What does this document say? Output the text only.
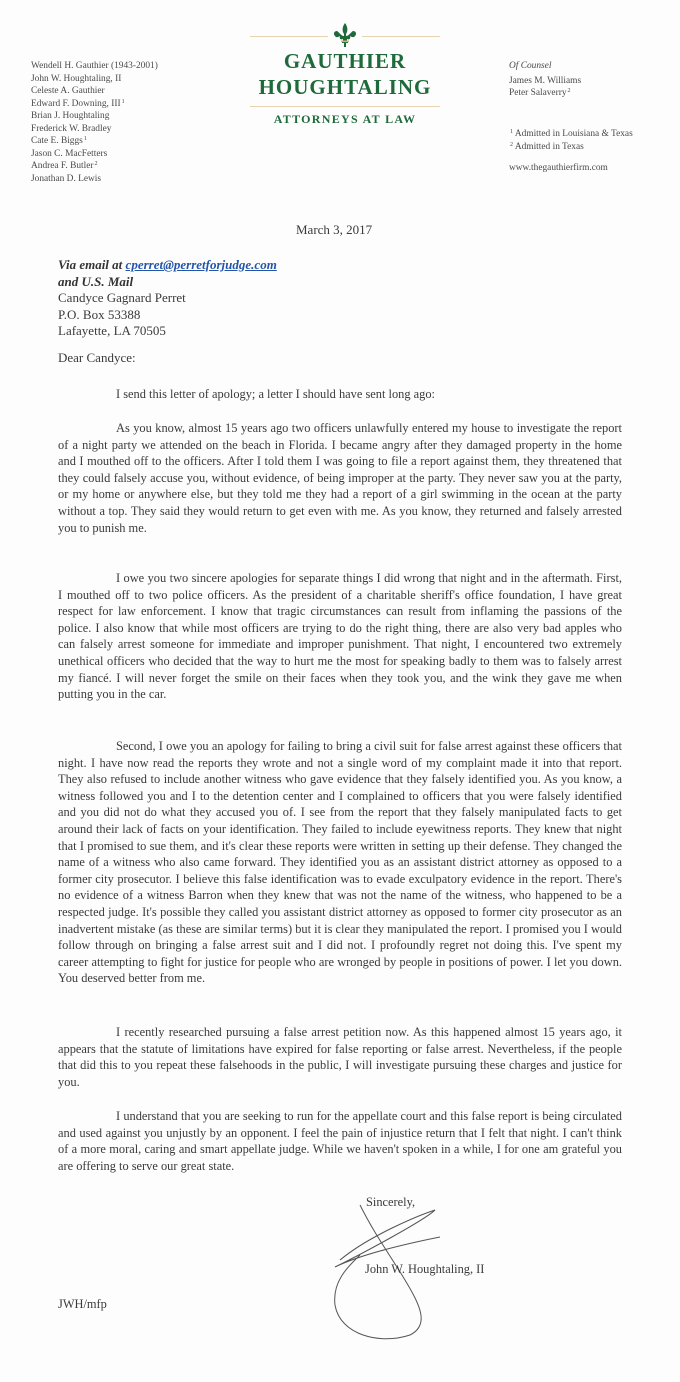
Wendell H. Gauthier (1943-2001)
John W. Houghtaling, II
Celeste A. Gauthier
Edward F. Downing, III$^1$
Brian J. Houghtaling
Frederick W. Bradley
Cate E. Biggs$^1$
Jason C. MacFetters
Andrea F. Butler$^2$
Jonathan D. Lewis
GAUTHIER
HOUGHTALING
ATTORNEYS AT LAW
Of Counsel
James M. Williams
Peter Salaverry$^2$
$^1$ Admitted in Louisiana & Texas
$^2$ Admitted in Texas
www.thegauthierfirm.com
March 3, 2017
Via email at cperret@perretforjudge.com
and U.S. Mail
Candyce Gagnard Perret
P.O. Box 53388
Lafayette, LA 70505
Dear Candyce:
I send this letter of apology; a letter I should have sent long ago:
As you know, almost 15 years ago two officers unlawfully entered my house to investigate the report of a night party we attended on the beach in Florida. I became angry after they damaged property in the home and I mouthed off to the officers. After I told them I was going to file a report against them, they threatened that they could falsely accuse you, without evidence, of being improper at the party. They never saw you at the party, or my home or anywhere else, but they told me they had a report of a girl swimming in the ocean at the party without a top. They said they would return to get even with me. As you know, they returned and falsely arrested you to punish me.
I owe you two sincere apologies for separate things I did wrong that night and in the aftermath. First, I mouthed off to two police officers. As the president of a charitable sheriff's office foundation, I have great respect for law enforcement. I know that tragic circumstances can result from inflaming the passions of the police. I also know that while most officers are trying to do the right thing, there are also very bad apples who can falsely arrest someone for immediate and improper punishment. That night, I encountered two extremely unethical officers who decided that the way to hurt me the most for speaking badly to them was to falsely arrest my fiancé. I will never forget the smile on their faces when they took you, and the wink they gave me when putting you in the car.
Second, I owe you an apology for failing to bring a civil suit for false arrest against these officers that night. I have now read the reports they wrote and not a single word of my complaint made it into that report. They also refused to include another witness who gave evidence that they falsely identified you. As you know, a witness followed you and I to the detention center and I complained to officers that you were falsely identified and you did not do what they accused you of. I see from the report that they falsely manipulated facts to get around their lack of facts on your identification. They failed to include eyewitness reports. They knew that night that I promised to sue them, and it's clear these reports were written in setting up their defense. They changed the name of a witness who also came forward. They identified you as an assistant district attorney as opposed to a former city prosecutor. I believe this false identification was to evade exculpatory evidence in the report. There's no evidence of a witness Barron when they knew that was not the name of the witness, who happened to be a respected judge. It's possible they called you assistant district attorney as opposed to former city prosecutor as an inadvertent mistake (as these are similar terms) but it is clear they manipulated the report. I promised you I would follow through on bringing a false arrest suit and I did not. I profoundly regret not doing this. I've spent my career attempting to fight for justice for people who are wronged by people in positions of power. I let you down. You deserved better from me.
I recently researched pursuing a false arrest petition now. As this happened almost 15 years ago, it appears that the statute of limitations have expired for false reporting or false arrest. Nevertheless, if the people that did this to you repeat these falsehoods in the public, I will investigate pursuing these charges and justice for you.
I understand that you are seeking to run for the appellate court and this false report is being circulated and used against you unjustly by an opponent. I feel the pain of injustice return that I felt that night. I can't think of a more moral, caring and smart appellate judge. While we haven't spoken in a while, I for one am grateful you are offering to serve our great state.
Sincerely,
John W. Houghtaling, II
JWH/mfp
